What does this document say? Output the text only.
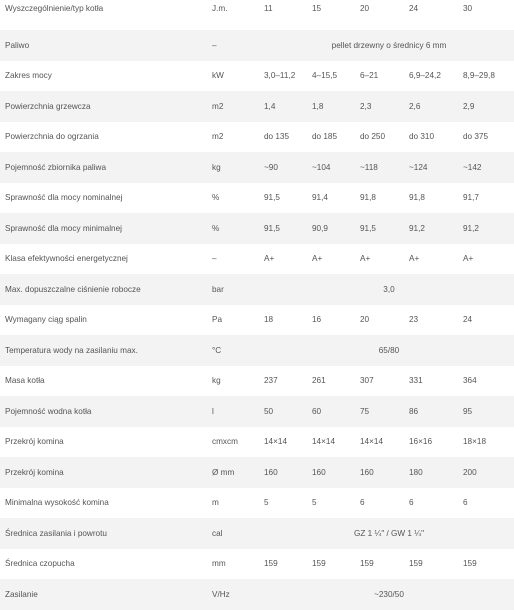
Wyszczególnienie/typ kotła	J.m.	11	15	20	24	30
Paliwo	–	pellet drzewny o średnicy 6 mm				
Zakres mocy	kW	3,0–11,2	4–15,5	6–21	6,9–24,2	8,9–29,8
Powierzchnia grzewcza	m2	1,4	1,8	2,3	2,6	2,9
Powierzchnia do ogrzania	m2	do 135	do 185	do 250	do 310	do 375
Pojemność zbiornika paliwa	kg	~90	~104	~118	~124	~142
Sprawność dla mocy nominalnej	%	91,5	91,4	91,8	91,8	91,7
Sprawność dla mocy minimalnej	%	91,5	90,9	91,5	91,2	91,2
Klasa efektywności energetycznej	–	A+	A+	A+	A+	A+
Max. dopuszczalne ciśnienie robocze	bar	3,0				
Wymagany ciąg spalin	Pa	18	16	20	23	24
Temperatura wody na zasilaniu max.	°C	65/80				
Masa kotła	kg	237	261	307	331	364
Pojemność wodna kotła	l	50	60	75	86	95
Przekrój komina	cmxcm	14×14	14×14	14×14	16×16	18×18
Przekrój komina	Ø mm	160	160	160	180	200
Minimalna wysokość komina	m	5	5	6	6	6
Średnica zasilania i powrotu	cal	GZ 1 ¼" / GW 1 ¼"				
Średnica czopucha	mm	159	159	159	159	159
Zasilanie	V/Hz	~230/50				
